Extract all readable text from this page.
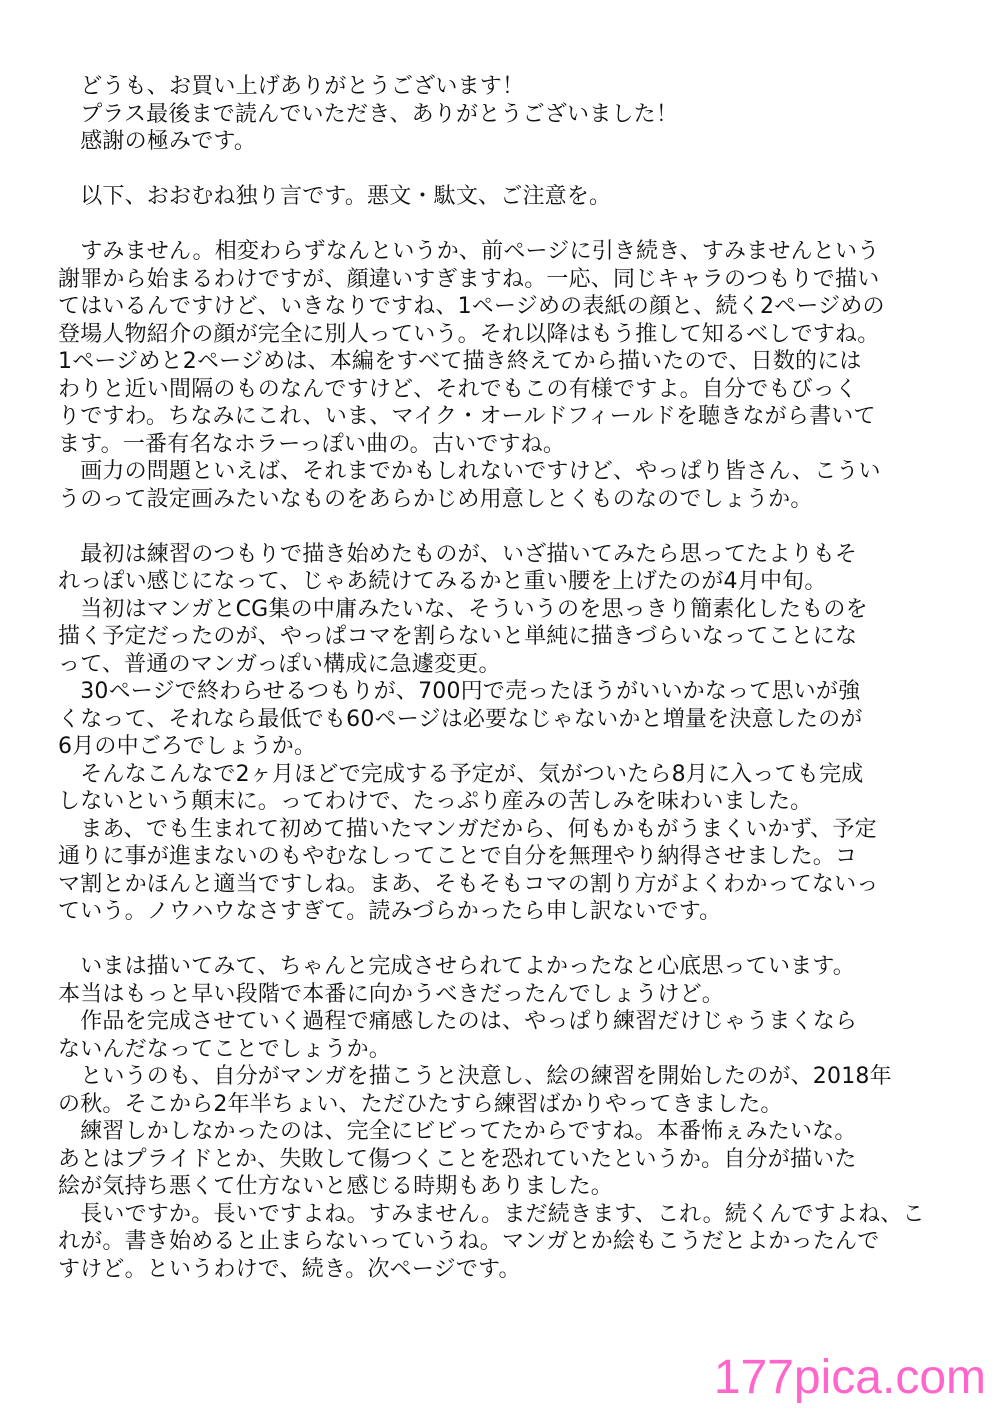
　どうも、お買い上げありがとうございます！
　プラス最後まで読んでいただき、ありがとうございました！
　感謝の極みです。
　以下、おおむね独り言です。悪文・駄文、ご注意を。
　すみません。相変わらずなんというか、前ページに引き続き、すみませんという
謝罪から始まるわけですが、顔違いすぎますね。一応、同じキャラのつもりで描い
てはいるんですけど、いきなりですね、1ページめの表紙の顔と、続く2ページめの
登場人物紹介の顔が完全に別人っていう。それ以降はもう推して知るべしですね。
1ページめと2ページめは、本編をすべて描き終えてから描いたので、日数的には
わりと近い間隔のものなんですけど、それでもこの有様ですよ。自分でもびっく
りですわ。ちなみにこれ、いま、マイク・オールドフィールドを聴きながら書いて
ます。一番有名なホラーっぽい曲の。古いですね。
　画力の問題といえば、それまでかもしれないですけど、やっぱり皆さん、こうい
うのって設定画みたいなものをあらかじめ用意しとくものなのでしょうか。
　最初は練習のつもりで描き始めたものが、いざ描いてみたら思ってたよりもそ
れっぽい感じになって、じゃあ続けてみるかと重い腰を上げたのが4月中旬。
　当初はマンガとCG集の中庸みたいな、そういうのを思っきり簡素化したものを
描く予定だったのが、やっぱコマを割らないと単純に描きづらいなってことにな
って、普通のマンガっぽい構成に急遽変更。
　30ページで終わらせるつもりが、700円で売ったほうがいいかなって思いが強
くなって、それなら最低でも60ページは必要なじゃないかと増量を決意したのが
6月の中ごろでしょうか。
　そんなこんなで2ヶ月ほどで完成する予定が、気がついたら8月に入っても完成
しないという顛末に。ってわけで、たっぷり産みの苦しみを味わいました。
　まあ、でも生まれて初めて描いたマンガだから、何もかもがうまくいかず、予定
通りに事が進まないのもやむなしってことで自分を無理やり納得させました。コ
マ割とかほんと適当ですしね。まあ、そもそもコマの割り方がよくわかってないっ
ていう。ノウハウなさすぎて。読みづらかったら申し訳ないです。
　いまは描いてみて、ちゃんと完成させられてよかったなと心底思っています。
本当はもっと早い段階で本番に向かうべきだったんでしょうけど。
　作品を完成させていく過程で痛感したのは、やっぱり練習だけじゃうまくなら
ないんだなってことでしょうか。
　というのも、自分がマンガを描こうと決意し、絵の練習を開始したのが、2018年
の秋。そこから2年半ちょい、ただひたすら練習ばかりやってきました。
　練習しかしなかったのは、完全にビビってたからですね。本番怖ぇみたいな。
あとはプライドとか、失敗して傷つくことを恐れていたというか。自分が描いた
絵が気持ち悪くて仕方ないと感じる時期もありました。
　長いですか。長いですよね。すみません。まだ続きます、これ。続くんですよね、こ
れが。書き始めると止まらないっていうね。マンガとか絵もこうだとよかったんで
すけど。というわけで、続き。次ページです。
177pica.com
